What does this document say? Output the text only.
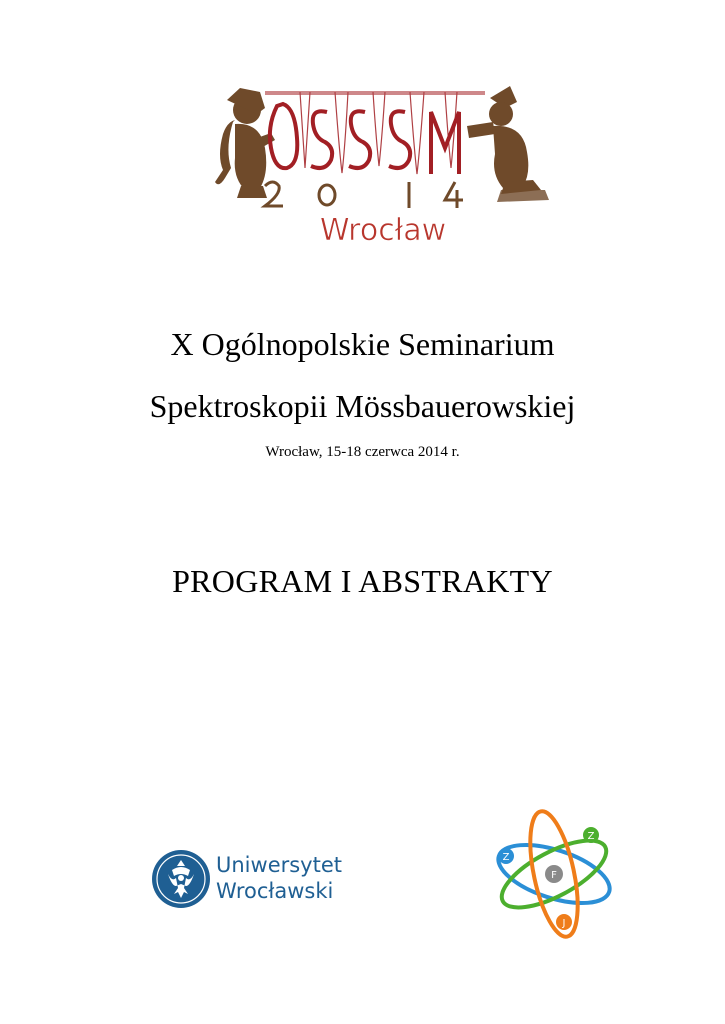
Wrocław
X Ogólnopolskie Seminarium
Spektroskopii Mössbauerowskiej
Wrocław, 15-18 czerwca 2014 r.
PROGRAM I ABSTRAKTY
Uniwersytet
Wrocławski
Z
Z
F
J
